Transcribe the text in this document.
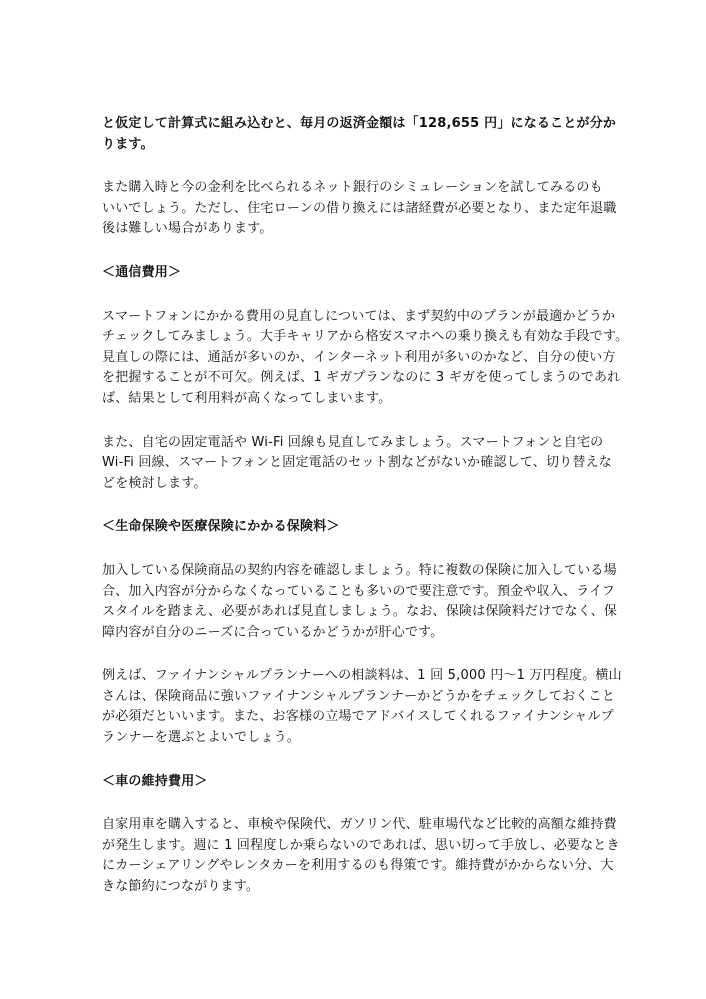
と仮定して計算式に組み込むと、毎月の返済金額は「128,655 円」になることが分か
ります。
また購入時と今の金利を比べられるネット銀行のシミュレーションを試してみるのも
いいでしょう。ただし、住宅ローンの借り換えには諸経費が必要となり、また定年退職
後は難しい場合があります。
＜通信費用＞
スマートフォンにかかる費用の見直しについては、まず契約中のプランが最適かどうか
チェックしてみましょう。大手キャリアから格安スマホへの乗り換えも有効な手段です。
見直しの際には、通話が多いのか、インターネット利用が多いのかなど、自分の使い方
を把握することが不可欠。例えば、1 ギガプランなのに 3 ギガを使ってしまうのであれ
ば、結果として利用料が高くなってしまいます。
また、自宅の固定電話や Wi-Fi 回線も見直してみましょう。スマートフォンと自宅の
Wi-Fi 回線、スマートフォンと固定電話のセット割などがないか確認して、切り替えな
どを検討します。
＜生命保険や医療保険にかかる保険料＞
加入している保険商品の契約内容を確認しましょう。特に複数の保険に加入している場
合、加入内容が分からなくなっていることも多いので要注意です。預金や収入、ライフ
スタイルを踏まえ、必要があれば見直しましょう。なお、保険は保険料だけでなく、保
障内容が自分のニーズに合っているかどうかが肝心です。
例えば、ファイナンシャルプランナーへの相談料は、1 回 5,000 円〜1 万円程度。横山
さんは、保険商品に強いファイナンシャルプランナーかどうかをチェックしておくこと
が必須だといいます。また、お客様の立場でアドバイスしてくれるファイナンシャルプ
ランナーを選ぶとよいでしょう。
＜車の維持費用＞
自家用車を購入すると、車検や保険代、ガソリン代、駐車場代など比較的高額な維持費
が発生します。週に 1 回程度しか乗らないのであれば、思い切って手放し、必要なとき
にカーシェアリングやレンタカーを利用するのも得策です。維持費がかからない分、大
きな節約につながります。
